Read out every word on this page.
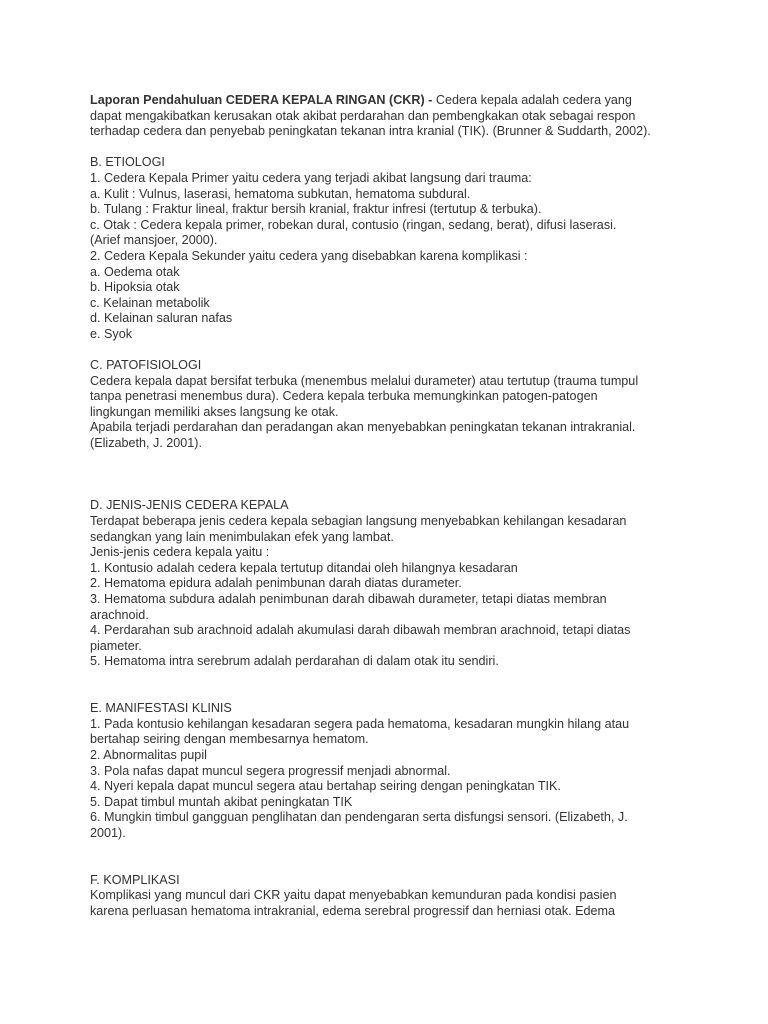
Laporan Pendahuluan CEDERA KEPALA RINGAN (CKR) - Cedera kepala adalah cedera yang
dapat mengakibatkan kerusakan otak akibat perdarahan dan pembengkakan otak sebagai respon
terhadap cedera dan penyebab peningkatan tekanan intra kranial (TIK). (Brunner & Suddarth, 2002).
B. ETIOLOGI
1. Cedera Kepala Primer yaitu cedera yang terjadi akibat langsung dari trauma:
a. Kulit : Vulnus, laserasi, hematoma subkutan, hematoma subdural.
b. Tulang : Fraktur lineal, fraktur bersih kranial, fraktur infresi (tertutup & terbuka).
c. Otak : Cedera kepala primer, robekan dural, contusio (ringan, sedang, berat), difusi laserasi.
(Arief mansjoer, 2000).
2. Cedera Kepala Sekunder yaitu cedera yang disebabkan karena komplikasi :
a. Oedema otak
b. Hipoksia otak
c. Kelainan metabolik
d. Kelainan saluran nafas
e. Syok
C. PATOFISIOLOGI
Cedera kepala dapat bersifat terbuka (menembus melalui durameter) atau tertutup (trauma tumpul
tanpa penetrasi menembus dura). Cedera kepala terbuka memungkinkan patogen-patogen
lingkungan memiliki akses langsung ke otak.
Apabila terjadi perdarahan dan peradangan akan menyebabkan peningkatan tekanan intrakranial.
(Elizabeth, J. 2001).
D. JENIS-JENIS CEDERA KEPALA
Terdapat beberapa jenis cedera kepala sebagian langsung menyebabkan kehilangan kesadaran
sedangkan yang lain menimbulakan efek yang lambat.
Jenis-jenis cedera kepala yaitu :
1. Kontusio adalah cedera kepala tertutup ditandai oleh hilangnya kesadaran
2. Hematoma epidura adalah penimbunan darah diatas durameter.
3. Hematoma subdura adalah penimbunan darah dibawah durameter, tetapi diatas membran
arachnoid.
4. Perdarahan sub arachnoid adalah akumulasi darah dibawah membran arachnoid, tetapi diatas
piameter.
5. Hematoma intra serebrum adalah perdarahan di dalam otak itu sendiri.
E. MANIFESTASI KLINIS
1. Pada kontusio kehilangan kesadaran segera pada hematoma, kesadaran mungkin hilang atau
bertahap seiring dengan membesarnya hematom.
2. Abnormalitas pupil
3. Pola nafas dapat muncul segera progressif menjadi abnormal.
4. Nyeri kepala dapat muncul segera atau bertahap seiring dengan peningkatan TIK.
5. Dapat timbul muntah akibat peningkatan TIK
6. Mungkin timbul gangguan penglihatan dan pendengaran serta disfungsi sensori. (Elizabeth, J.
2001).
F. KOMPLIKASI
Komplikasi yang muncul dari CKR yaitu dapat menyebabkan kemunduran pada kondisi pasien
karena perluasan hematoma intrakranial, edema serebral progressif dan herniasi otak. Edema
